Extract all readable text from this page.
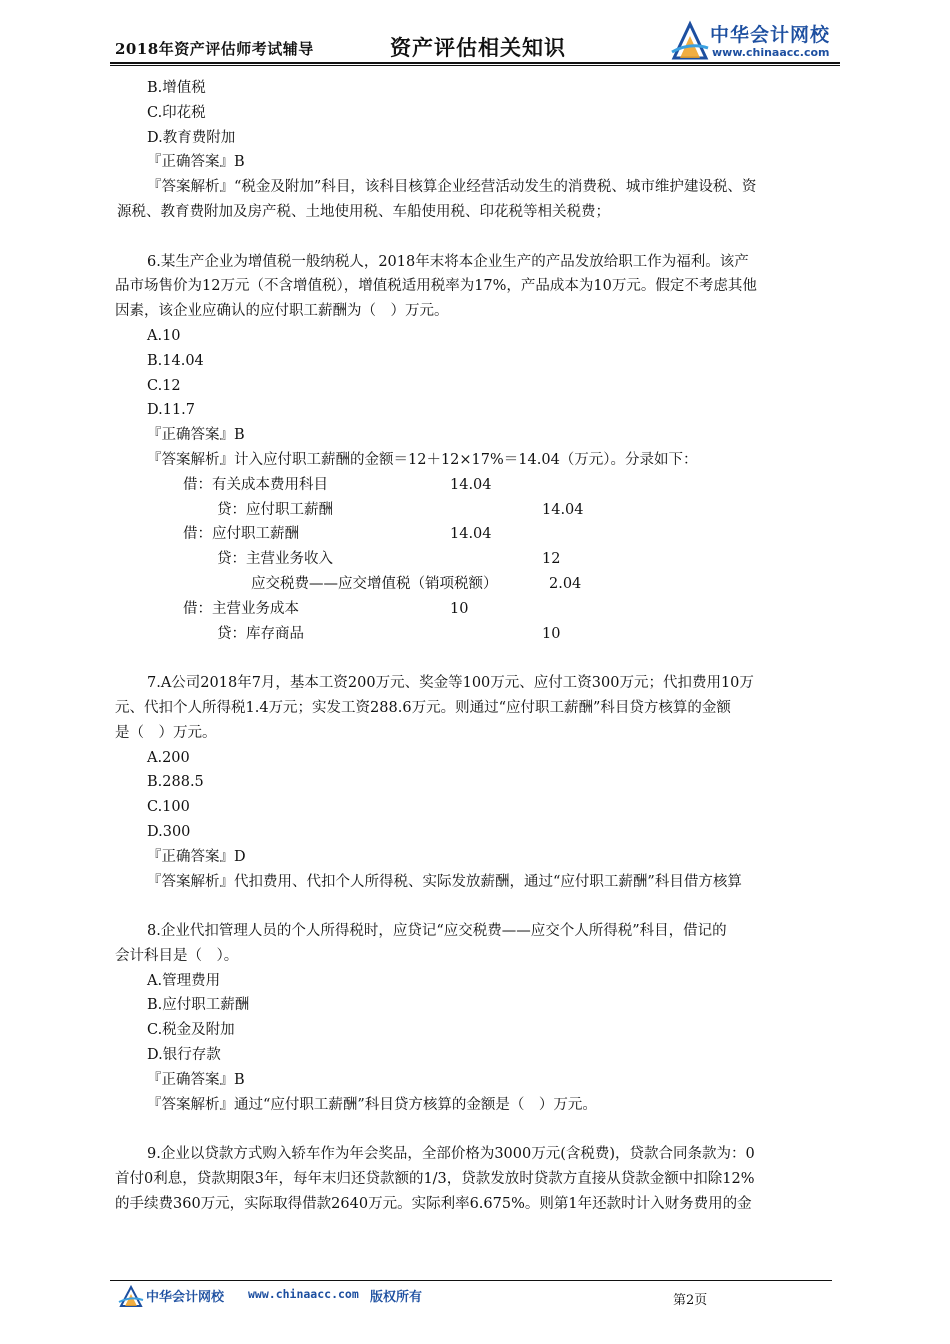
2018年资产评估师考试辅导	资产评估相关知识	中华会计网校
www.chinaacc.com
B.增值税
C.印花税
D.教育费附加
『正确答案』B
『答案解析』“税金及附加”科目，该科目核算企业经营活动发生的消费税、城市维护建设税、资
源税、教育费附加及房产税、土地使用税、车船使用税、印花税等相关税费；
6.某生产企业为增值税一般纳税人，2018年末将本企业生产的产品发放给职工作为福利。该产
品市场售价为12万元（不含增值税），增值税适用税率为17%，产品成本为10万元。假定不考虑其他
因素，该企业应确认的应付职工薪酬为（　）万元。
A.10
B.14.04
C.12
D.11.7
『正确答案』B
『答案解析』计入应付职工薪酬的金额＝12＋12×17%＝14.04（万元）。分录如下：
借：有关成本费用科目	14.04
贷：应付职工薪酬	14.04
借：应付职工薪酬	14.04
贷：主营业务收入	12
应交税费——应交增值税（销项税额）	2.04
借：主营业务成本	10
贷：库存商品	10
7.A公司2018年7月，基本工资200万元、奖金等100万元、应付工资300万元；代扣费用10万
元、代扣个人所得税1.4万元；实发工资288.6万元。则通过“应付职工薪酬”科目贷方核算的金额
是（　）万元。
A.200
B.288.5
C.100
D.300
『正确答案』D
『答案解析』代扣费用、代扣个人所得税、实际发放薪酬，通过“应付职工薪酬”科目借方核算
8.企业代扣管理人员的个人所得税时，应贷记“应交税费——应交个人所得税”科目，借记的
会计科目是（　）。
A.管理费用
B.应付职工薪酬
C.税金及附加
D.银行存款
『正确答案』B
『答案解析』通过“应付职工薪酬”科目贷方核算的金额是（　）万元。
9.企业以贷款方式购入轿车作为年会奖品，全部价格为3000万元(含税费)，贷款合同条款为：0
首付0利息，贷款期限3年，每年末归还贷款额的1/3，贷款发放时贷款方直接从贷款金额中扣除12%
的手续费360万元，实际取得借款2640万元。实际利率6.675%。则第1年还款时计入财务费用的金
中华会计网校 www.chinaacc.com 版权所有	第2页
